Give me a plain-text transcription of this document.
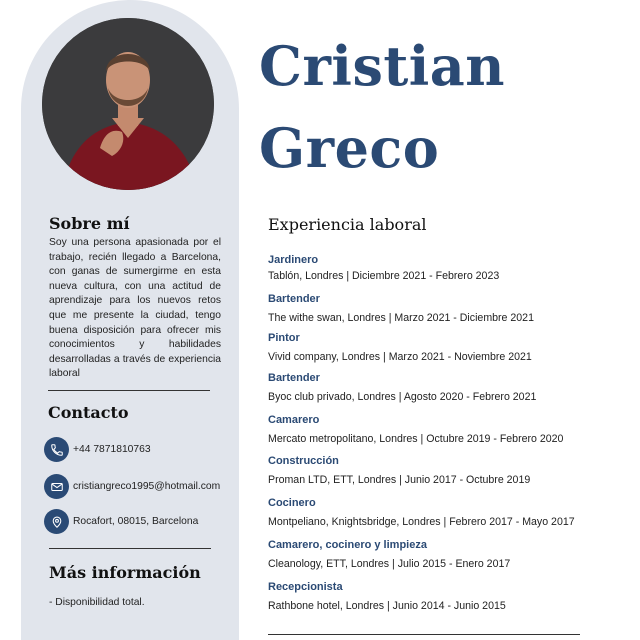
Sobre mí
Soy una persona apasionada por el trabajo, recién llegado a Barcelona, con ganas de sumergirme en esta nueva cultura, con una actitud de aprendizaje para los nuevos retos que me presente la ciudad, tengo buena disposición para ofrecer mis conocimientos y habilidades desarrolladas a través de experiencia laboral
Contacto
+44 7871810763
cristiangreco1995@hotmail.com
Rocafort, 08015, Barcelona
Más información
- Disponibilidad total.
Cristian
Greco
Experiencia laboral
Jardinero
Tablón, Londres | Diciembre 2021 - Febrero 2023
Bartender
The withe swan, Londres | Marzo 2021 - Diciembre 2021
Pintor
Vivid company, Londres | Marzo 2021 - Noviembre 2021
Bartender
Byoc club privado, Londres | Agosto 2020 - Febrero 2021
Camarero
Mercato metropolitano, Londres | Octubre 2019 - Febrero 2020
Construcción
Proman LTD, ETT, Londres | Junio 2017 - Octubre 2019
Cocinero
Montpeliano, Knightsbridge, Londres | Febrero 2017 - Mayo 2017
Camarero, cocinero y limpieza
Cleanology, ETT, Londres | Julio 2015 - Enero 2017
Recepcionista
Rathbone hotel, Londres | Junio 2014 - Junio 2015
